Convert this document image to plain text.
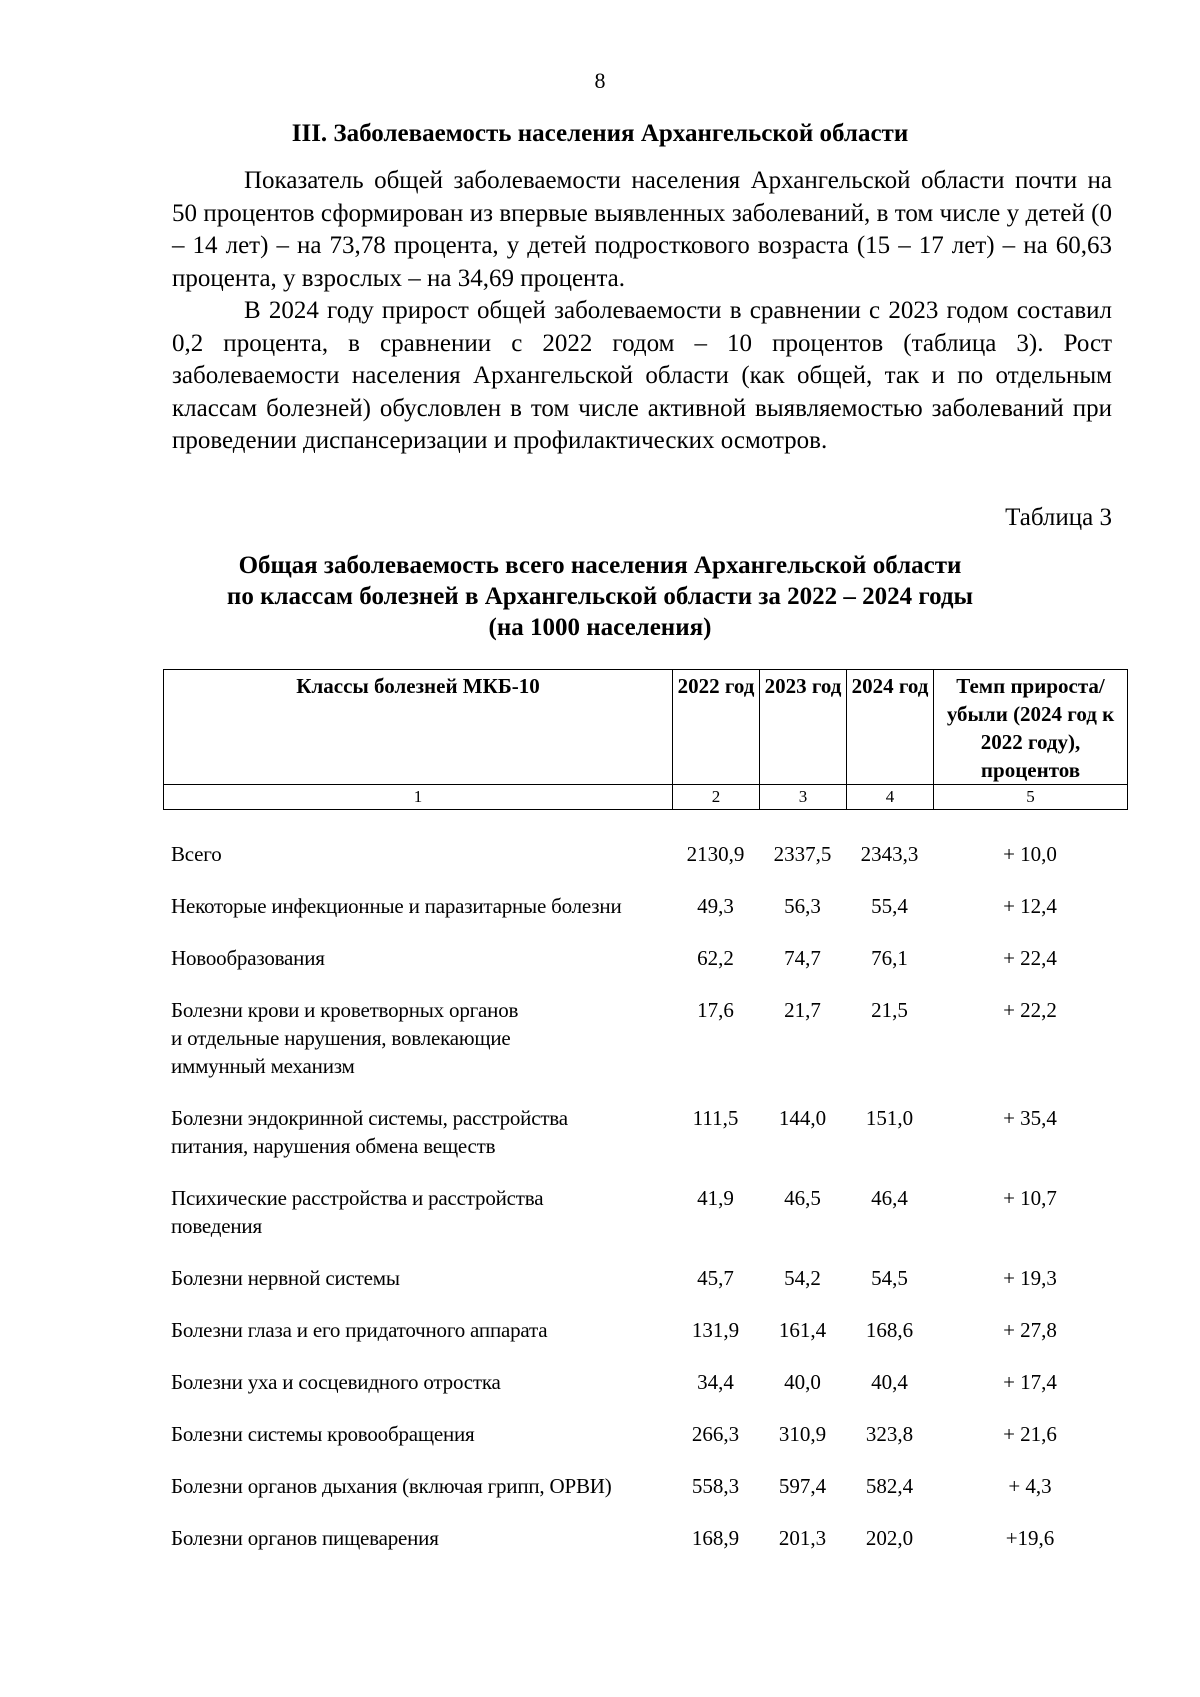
8
III. Заболеваемость населения Архангельской области

Показатель общей заболеваемости населения Архангельской области почти на 50 процентов сформирован из впервые выявленных заболеваний, в том числе у детей (0 – 14 лет) – на 73,78 процента, у детей подросткового возраста (15 – 17 лет) – на 60,63 процента, у взрослых – на 34,69 процента.

В 2024 году прирост общей заболеваемости в сравнении с 2023 годом составил 0,2 процента, в сравнении с 2022 годом – 10 процентов (таблица 3). Рост заболеваемости населения Архангельской области (как общей, так и по отдельным классам болезней) обусловлен в том числе активной выявляемостью заболеваний при проведении диспансеризации и профилактических осмотров.

Таблица 3
Общая заболеваемость всего населения Архангельской области
по классам болезней в Архангельской области за 2022 – 2024 годы
(на 1000 населения)
Классы болезней МКБ-10	2022 год	2023 год	2024 год	Темп прироста/ убыли (2024 год к 2022 году), процентов
1	2	3	4	5
Всего	2130,9	2337,5	2343,3	+ 10,0
Некоторые инфекционные и паразитарные болезни	49,3	56,3	55,4	+ 12,4
Новообразования	62,2	74,7	76,1	+ 22,4
Болезни крови и кроветворных органов
и отдельные нарушения, вовлекающие
иммунный механизм
17,6	21,7	21,5	+ 22,2
Болезни эндокринной системы, расстройства
питания, нарушения обмена веществ
111,5	144,0	151,0	+ 35,4
Психические расстройства и расстройства
поведения
41,9	46,5	46,4	+ 10,7
Болезни нервной системы	45,7	54,2	54,5	+ 19,3
Болезни глаза и его придаточного аппарата	131,9	161,4	168,6	+ 27,8
Болезни уха и сосцевидного отростка	34,4	40,0	40,4	+ 17,4
Болезни системы кровообращения	266,3	310,9	323,8	+ 21,6
Болезни органов дыхания (включая грипп, ОРВИ)	558,3	597,4	582,4	+ 4,3
Болезни органов пищеварения	168,9	201,3	202,0	+19,6
